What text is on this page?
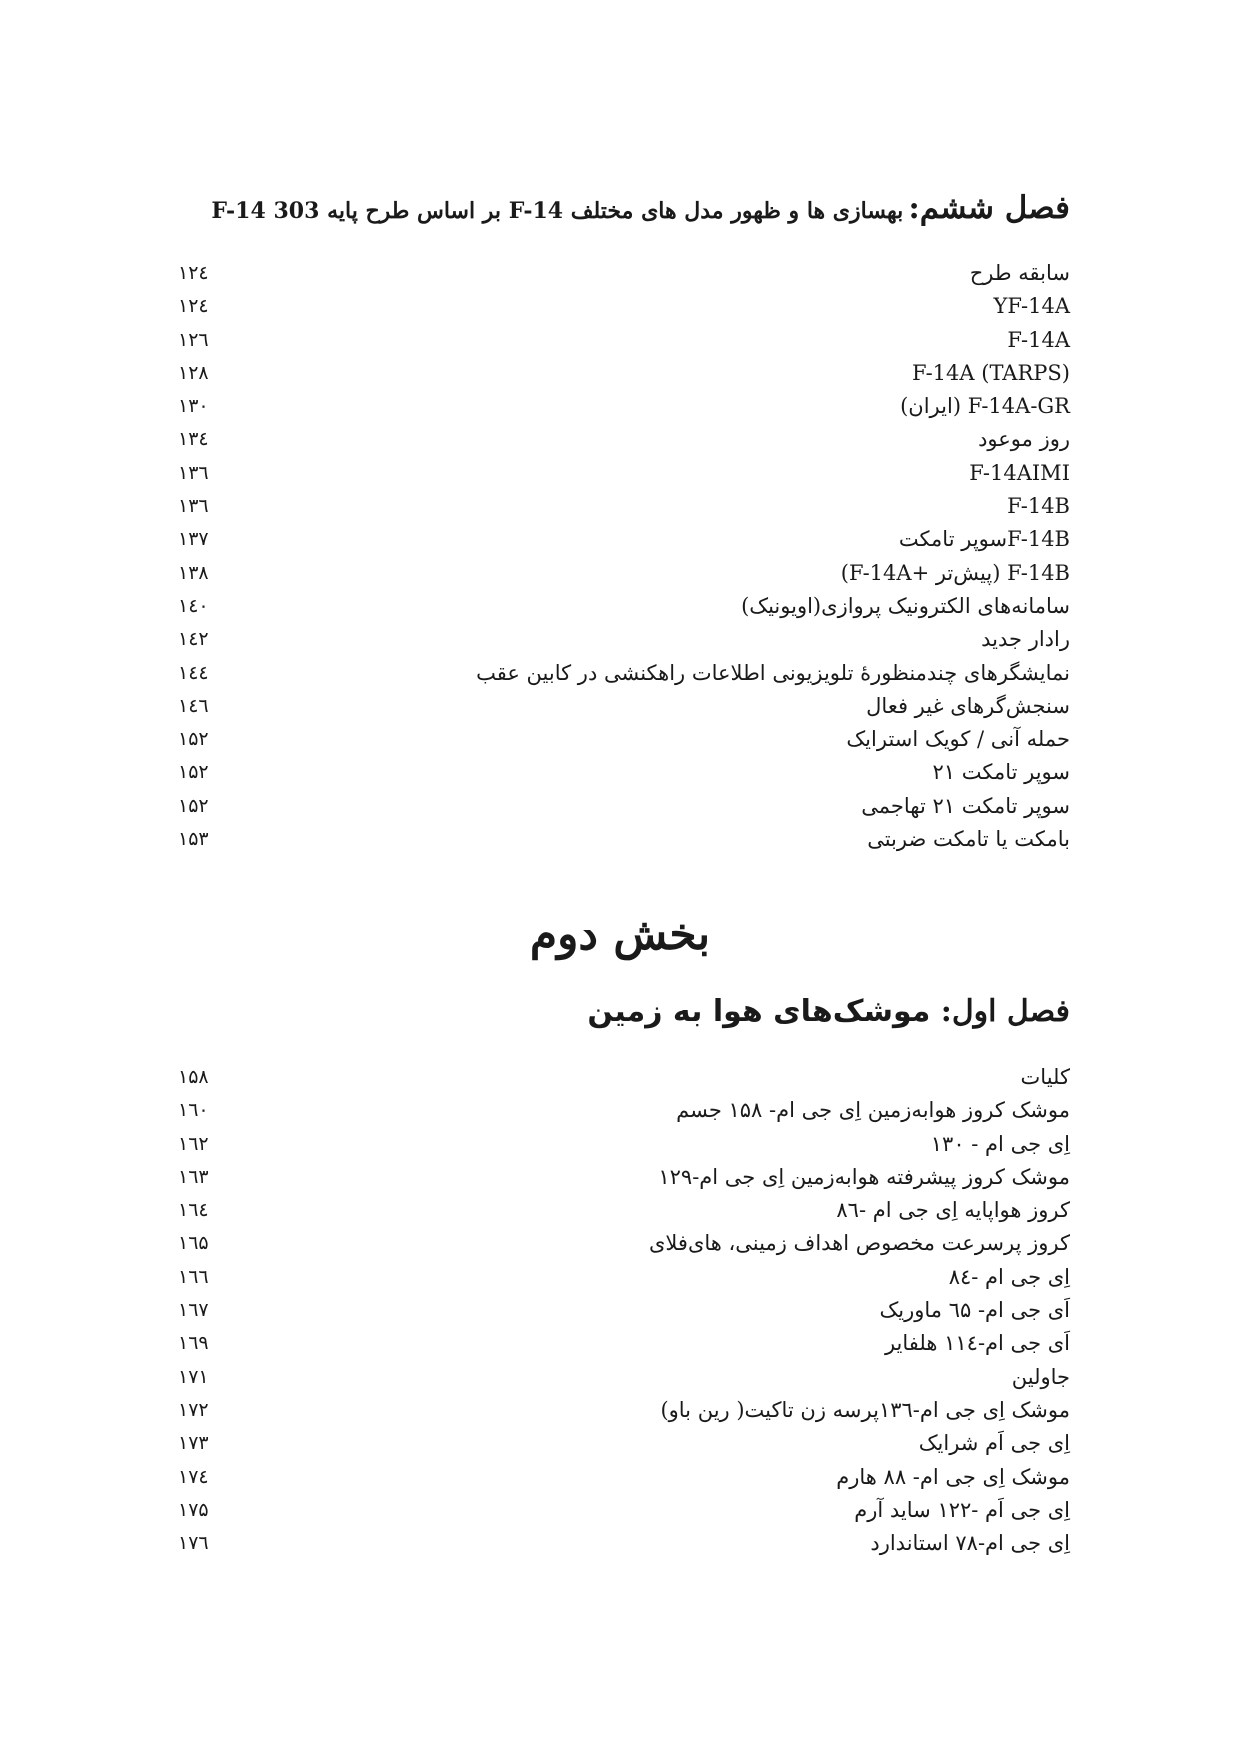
فصل ششم: بهسازی ها و ظهور مدل های مختلف F-14 بر اساس طرح پایه 303 F-14
سابقه طرح
۱۲٤
YF-14A
۱۲٤
F-14A
۱۲٦
(TARPS) F-14A
۱۲۸
F-14A-GR (ایران)
۱۳۰
روز موعود
۱۳٤
F-14AIMI
۱۳٦
F-14B
۱۳٦
F-14Bسوپر تامکت
۱۳۷
F-14B (پیش‌تر +F-14A)
۱۳۸
سامانه‌های الکترونیک پروازی(اویونیک)
۱٤۰
رادار جدید
۱٤۲
نمایشگرهای چندمنظورهٔ تلویزیونی اطلاعات راهکنشی در کابین عقب
۱٤٤
سنجش‌گرهای غیر فعال
۱٤٦
حمله آنی / کویک استرایک
۱۵۲
سوپر تامکت ۲۱
۱۵۲
سوپر تامکت ۲۱ تهاجمی
۱۵۲
بامکت یا تامکت ضربتی
۱۵۳
بخش دوم
فصل اول: موشک‌های هوا به زمین
کلیات
۱۵۸
موشک کروز هوابه‌زمین اِی جی ام- ۱۵۸ جسم
۱٦۰
اِی جی ام - ۱۳۰
۱٦۲
موشک کروز پیشرفته هوابه‌زمین اِی جی ام-۱۲۹
۱٦۳
کروز هواپایه اِی جی ام -۸٦
۱٦٤
کروز پرسرعت مخصوص اهداف زمینی، های‌فلای
۱٦۵
اِی جی ام -۸٤
۱٦٦
اَی جی ام- ٦۵ ماوریک
۱٦۷
اَی جی ام-۱۱٤ هلفایر
۱٦۹
جاولین
۱۷۱
موشک اِی جی ام-۱۳٦پرسه زن تاکیت( رین باو)
۱۷۲
اِی جی اَم شرایک
۱۷۳
موشک اِی جی ام- ۸۸ هارم
۱۷٤
اِی جی اَم -۱۲۲ ساید آرم
۱۷۵
اِی جی ام-۷۸ استاندارد
۱۷٦
